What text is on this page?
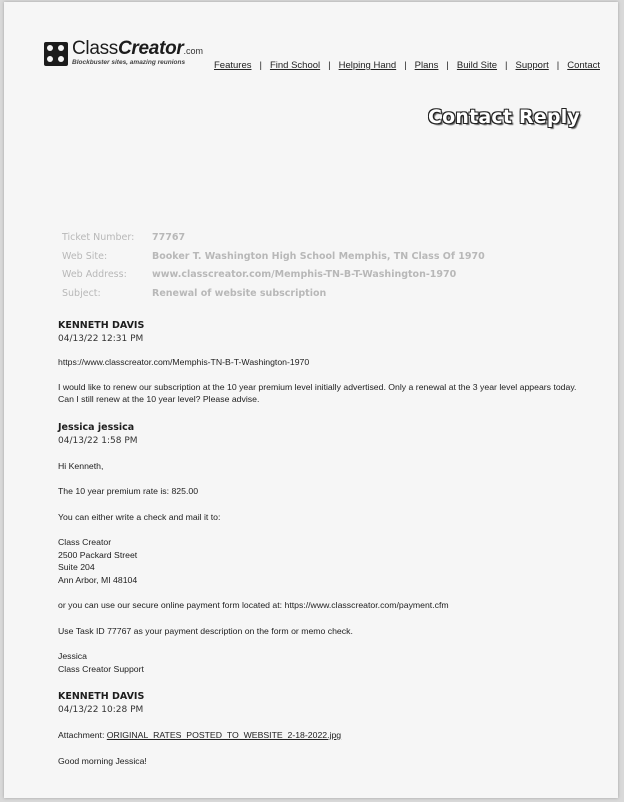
ClassCreator.com
Blockbuster sites, amazing reunions	Features | Find School | Helping Hand | Plans | Build Site | Support | Contact
Contact Reply
Ticket Number: 77767
Web Site:	Booker T. Washington High School Memphis, TN Class Of 1970
Web Address:	www.classcreator.com/Memphis-TN-B-T-Washington-1970
Subject:	Renewal of website subscription
KENNETH DAVIS
04/13/22 12:31 PM
https://www.classcreator.com/Memphis-TN-B-T-Washington-1970
I would like to renew our subscription at the 10 year premium level initially advertised. Only a renewal at the 3 year level appears today. Can I still renew at the 10 year level? Please advise.
Jessica jessica
04/13/22 1:58 PM
Hi Kenneth,
The 10 year premium rate is: 825.00
You can either write a check and mail it to:
Class Creator
2500 Packard Street
Suite 204
Ann Arbor, MI 48104
or you can use our secure online payment form located at: https://www.classcreator.com/payment.cfm
Use Task ID 77767 as your payment description on the form or memo check.
Jessica
Class Creator Support
KENNETH DAVIS
04/13/22 10:28 PM
Attachment: ORIGINAL_RATES_POSTED_TO_WEBSITE_2-18-2022.jpg
Good morning Jessica!
